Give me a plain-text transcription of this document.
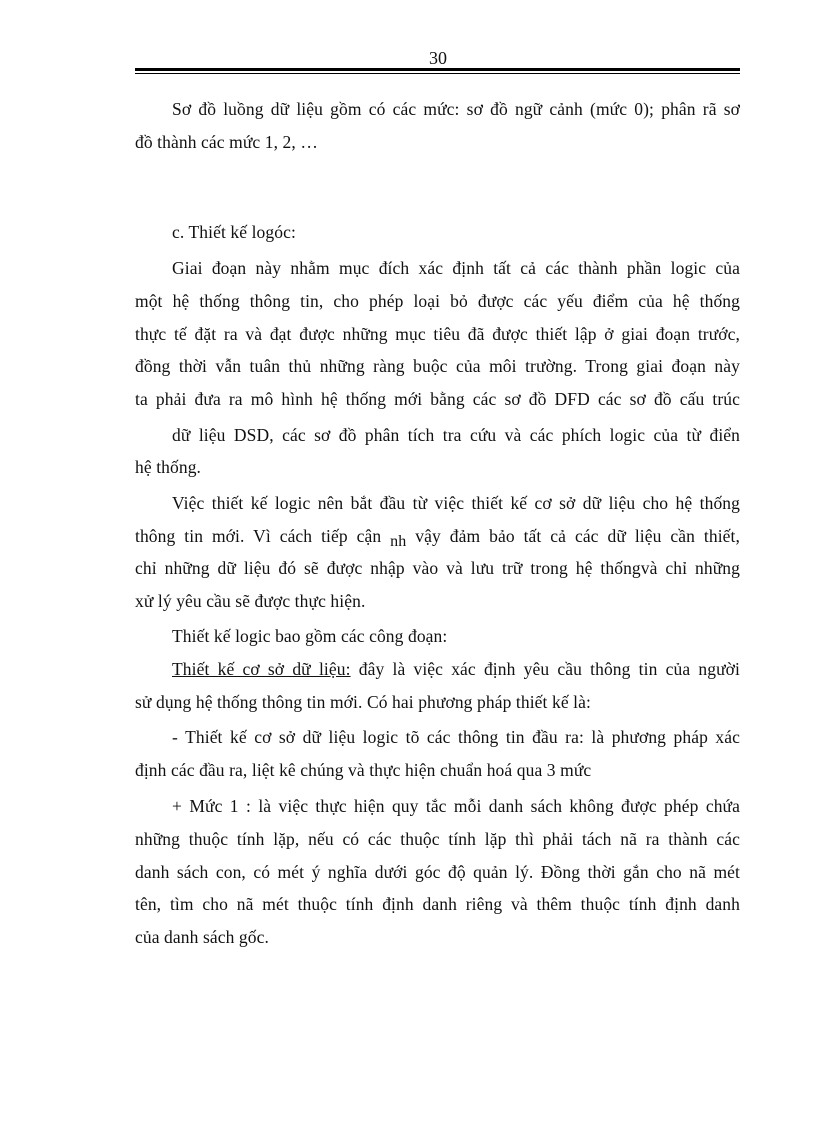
30
Sơ đồ luồng dữ liệu gồm có các mức: sơ đồ ngữ cảnh (mức 0); phân rã sơ
đồ thành các mức 1, 2, …
c. Thiết kế logóc:
Giai đoạn này nhằm mục đích xác định tất cả các thành phần logic của
một hệ thống thông tin, cho phép loại bỏ được các yếu điểm của hệ thống
thực tế đặt ra và đạt được những mục tiêu đã được thiết lập ở giai đoạn trước,
đồng thời vẫn tuân thủ những ràng buộc của môi trường. Trong giai đoạn này
ta phải đưa ra mô hình hệ thống mới bằng các sơ đồ DFD các sơ đồ cấu trúc
dữ liệu DSD, các sơ đồ phân tích tra cứu và các phích logic của từ điển
hệ thống.
Việc thiết kế logic nên bắt đầu từ việc thiết kế cơ sở dữ liệu cho hệ thống
thông tin mới. Vì cách tiếp cận nh vậy đảm bảo tất cả các dữ liệu cần thiết,
chỉ những dữ liệu đó sẽ được nhập vào và lưu trữ trong hệ thốngvà chỉ những
xử lý yêu cầu sẽ được thực hiện.
Thiết kế logic bao gồm các công đoạn:
Thiết kế cơ sở dữ liệu: đây là việc xác định yêu cầu thông tin của người
sử dụng hệ thống thông tin mới. Có hai phương pháp thiết kế là:
- Thiết kế cơ sở dữ liệu logic tõ các thông tin đầu ra: là phương pháp xác
định các đầu ra, liệt kê chúng và thực hiện chuẩn hoá qua 3 mức
+ Mức 1 : là việc thực hiện quy tắc mỗi danh sách không được phép chứa
những thuộc tính lặp, nếu có các thuộc tính lặp thì phải tách nã ra thành các
danh sách con, có mét ý nghĩa dưới góc độ quản lý. Đồng thời gắn cho nã mét
tên, tìm cho nã mét thuộc tính định danh riêng và thêm thuộc tính định danh
của danh sách gốc.
